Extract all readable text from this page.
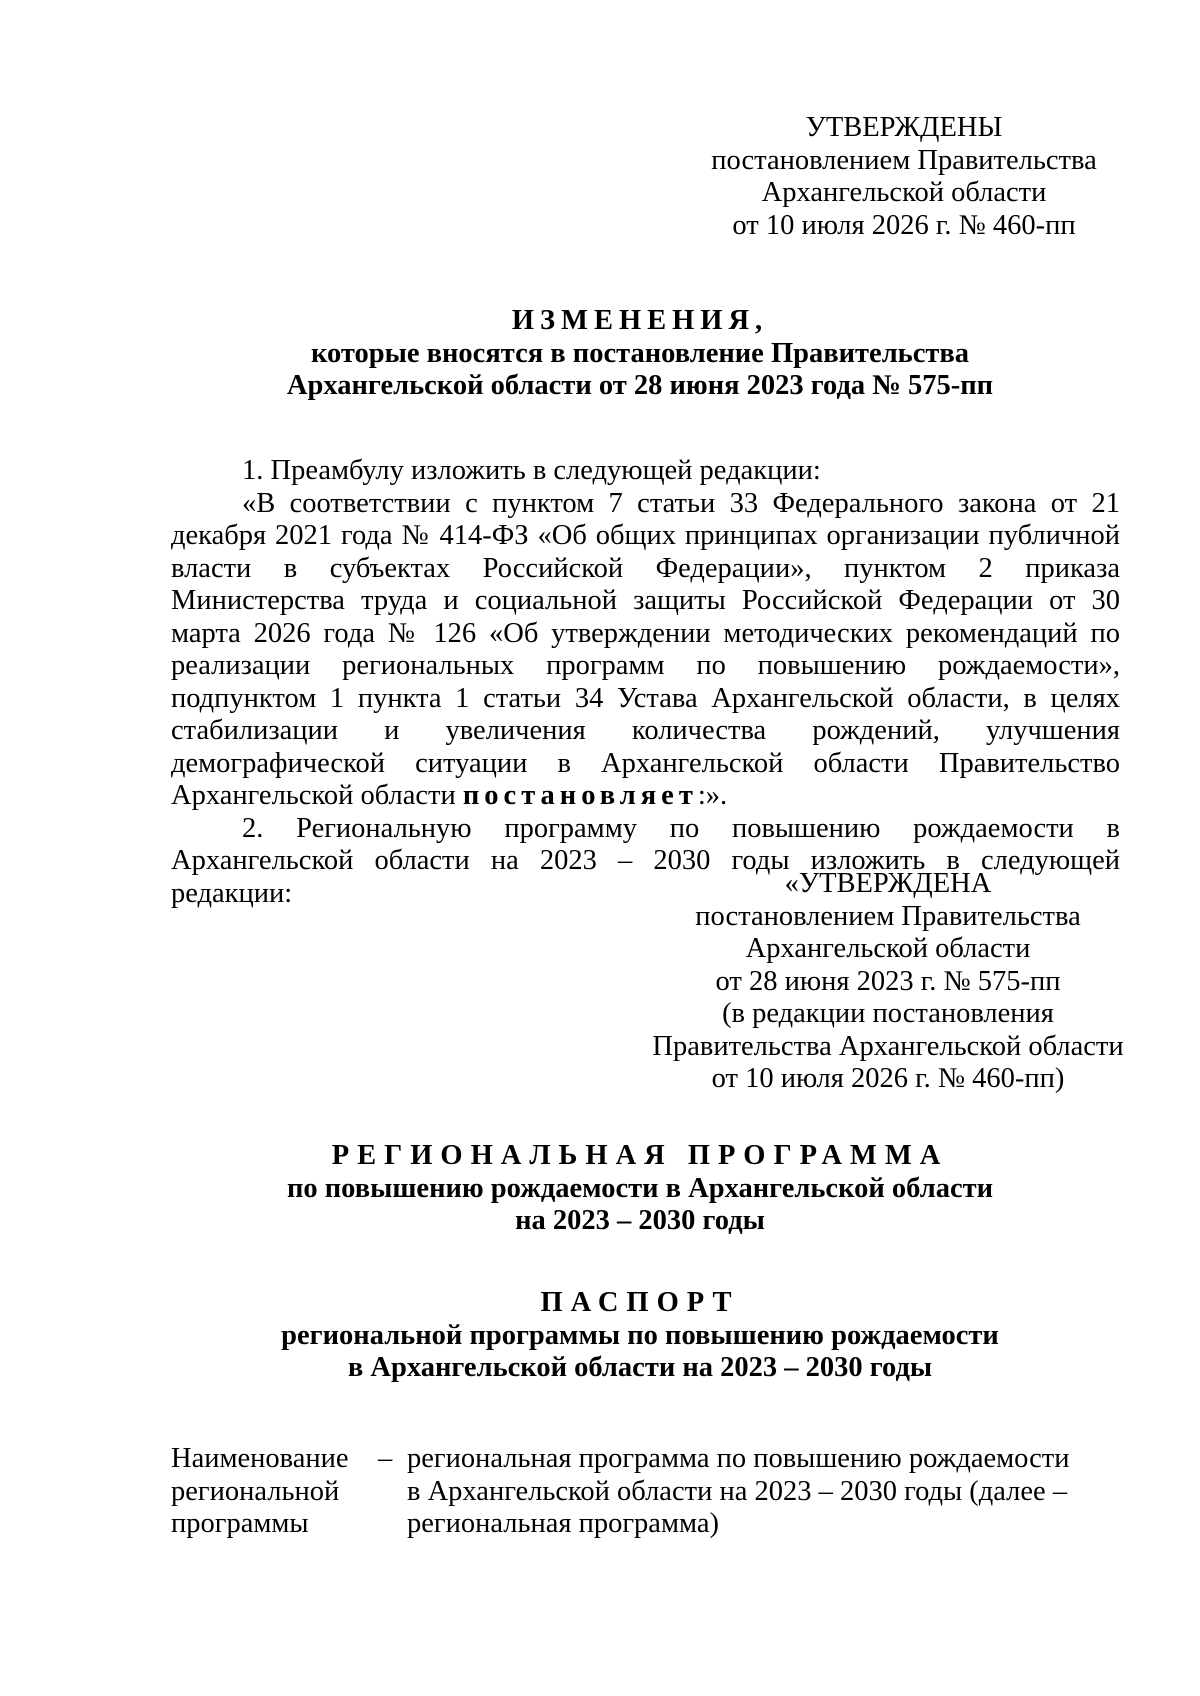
УТВЕРЖДЕНЫ
постановлением Правительства
Архангельской области
от 10 июля 2026 г. № 460-пп
ИЗМЕНЕНИЯ,
которые вносятся в постановление Правительства
Архангельской области от 28 июня 2023 года № 575-пп

1. Преамбулу изложить в следующей редакции:

«В соответствии с пунктом 7 статьи 33 Федерального закона от 21 декабря 2021 года № 414-ФЗ «Об общих принципах организации публичной власти в субъектах Российской Федерации», пунктом 2 приказа Министерства труда и социальной защиты Российской Федерации от 30 марта 2026 года № 126 «Об утверждении методических рекомендаций по реализации региональных программ по повышению рождаемости», подпунктом 1 пункта 1 статьи 34 Устава Архангельской области, в целях стабилизации и увеличения количества рождений, улучшения демографической ситуации в Архангельской области Правительство Архангельской области постановляет:».

2. Региональную программу по повышению рождаемости в Архангельской области на 2023 – 2030 годы изложить в следующей редакции:	«УТВЕРЖДЕНА
постановлением Правительства
Архангельской области
от 28 июня 2023 г. № 575-пп
(в редакции постановления
Правительства Архангельской области
от 10 июля 2026 г. № 460-пп)
РЕГИОНАЛЬНАЯ ПРОГРАММА
по повышению рождаемости в Архангельской области
на 2023 – 2030 годы
ПАСПОРТ
региональной программы по повышению рождаемости
в Архангельской области на 2023 – 2030 годы
Наименование
региональной
программы
– региональная программа по повышению рождаемости
в Архангельской области на 2023 – 2030 годы (далее –
региональная программа)
